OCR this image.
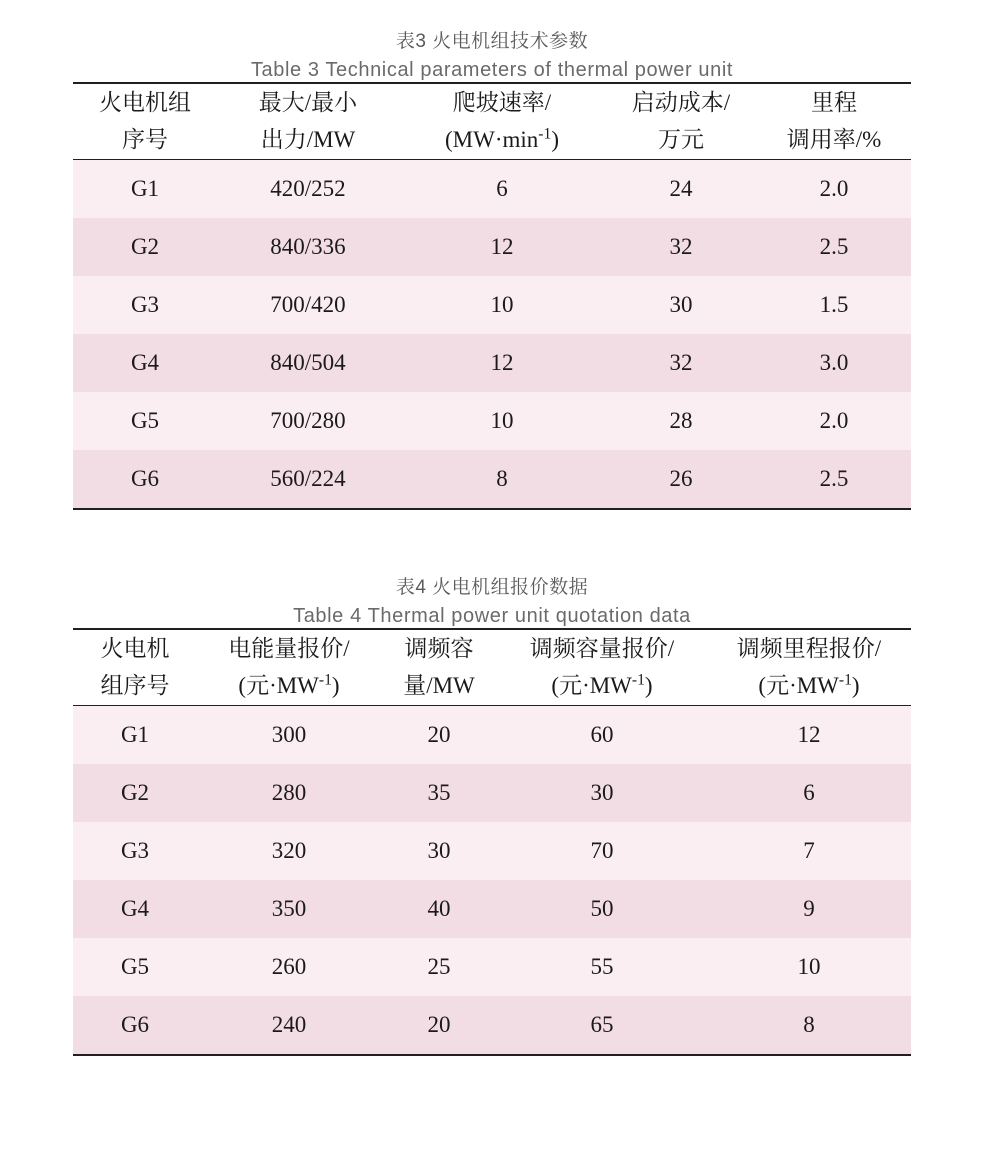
表3 火电机组技术参数
Table 3 Technical parameters of thermal power unit
火电机组	最大/最小	爬坡速率/	启动成本/	里程
序号	出力/MW	$(MW\cdot\min^{-1})$	万元	调用率/%
G1	420/252	6	24	2.0
G2	840/336	12	32	2.5
G3	700/420	10	30	1.5
G4	840/504	12	32	3.0
G5	700/280	10	28	2.0
G6	560/224	8	26	2.5
表4 火电机组报价数据
Table 4 Thermal power unit quotation data
火电机	电能量报价/	调频容	调频容量报价/	调频里程报价/
组序号	(元$\cdot MW^{-1}$)	量/MW	(元$\cdot MW^{-1}$)	(元$\cdot MW^{-1}$)
G1	300	20	60	12
G2	280	35	30	6
G3	320	30	70	7
G4	350	40	50	9
G5	260	25	55	10
G6	240	20	65	8
